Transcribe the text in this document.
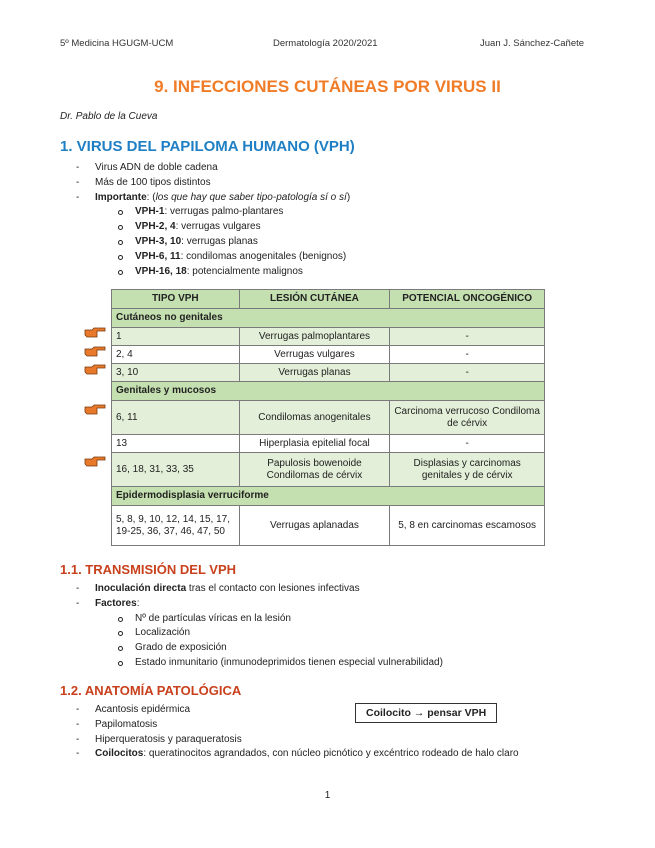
5º Medicina HGUGM-UCM	Dermatología 2020/2021	Juan J. Sánchez-Cañete
9. INFECCIONES CUTÁNEAS POR VIRUS II
Dr. Pablo de la Cueva
1. VIRUS DEL PAPILOMA HUMANO (VPH)
- Virus ADN de doble cadena
- Más de 100 tipos distintos
- Importante: (los que hay que saber tipo-patología sí o sí)
VPH-1: verrugas palmo-plantares
VPH-2, 4: verrugas vulgares
VPH-3, 10: verrugas planas
VPH-6, 11: condilomas anogenitales (benignos)
VPH-16, 18: potencialmente malignos
TIPO VPH	LESIÓN CUTÁNEA	POTENCIAL ONCOGÉNICO
Cutáneos no genitales		
1	Verrugas palmoplantares	-
2, 4	Verrugas vulgares	-
3, 10	Verrugas planas	-
Genitales y mucosos		
6, 11	Condilomas anogenitales	Carcinoma verrucoso Condiloma de cérvix
13	Hiperplasia epitelial focal	-
16, 18, 31, 33, 35	Papulosis bowenoide Condilomas de cérvix	Displasias y carcinomas genitales y de cérvix
Epidermodisplasia verruciforme		
5, 8, 9, 10, 12, 14, 15, 17, 19-25, 36, 37, 46, 47, 50	Verrugas aplanadas	5, 8 en carcinomas escamosos
1.1. TRANSMISIÓN DEL VPH
- Inoculación directa tras el contacto con lesiones infectivas
- Factores:
Nº de partículas víricas en la lesión
Localización
Grado de exposición
Estado inmunitario (inmunodeprimidos tienen especial vulnerabilidad)
1.2. ANATOMÍA PATOLÓGICA
- Acantosis epidérmica
- Papilomatosis
- Hiperqueratosis y paraqueratosis
- Coilocitos: queratinocitos agrandados, con núcleo picnótico y excéntrico rodeado de halo claro
Coilocito → pensar VPH
1
